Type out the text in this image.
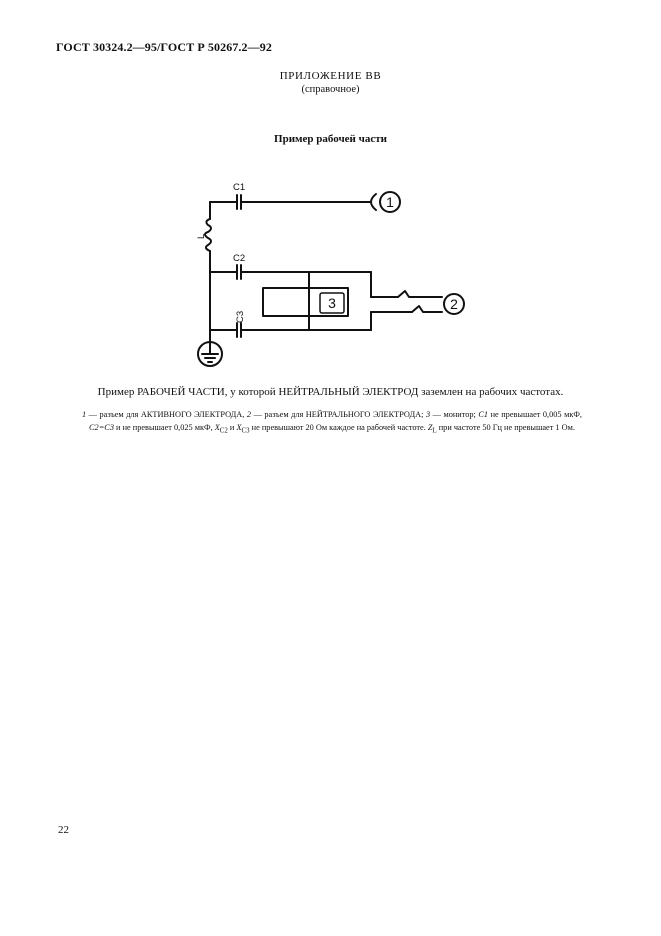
ГОСТ 30324.2—95/ГОСТ Р 50267.2—92
ПРИЛОЖЕНИЕ ВВ
(справочное)
Пример рабочей части
C1
C2
C3
L
1
2
3
Пример РАБОЧЕЙ ЧАСТИ, у которой НЕЙТРАЛЬНЫЙ ЭЛЕКТРОД заземлен на рабочих частотах.
1 — разъем для АКТИВНОГО ЭЛЕКТРОДА, 2 — разъем для НЕЙТРАЛЬНОГО ЭЛЕКТРОДА; 3 — монитор; C1 не превышает 0,005 мкФ, C2=C3 и не превышает 0,025 мкФ, $X_{C2}$ и $X_{C3}$ не превышают 20 Ом каждое на рабочей частоте. $Z_L$ при частоте 50 Гц не превышает 1 Ом.
22
